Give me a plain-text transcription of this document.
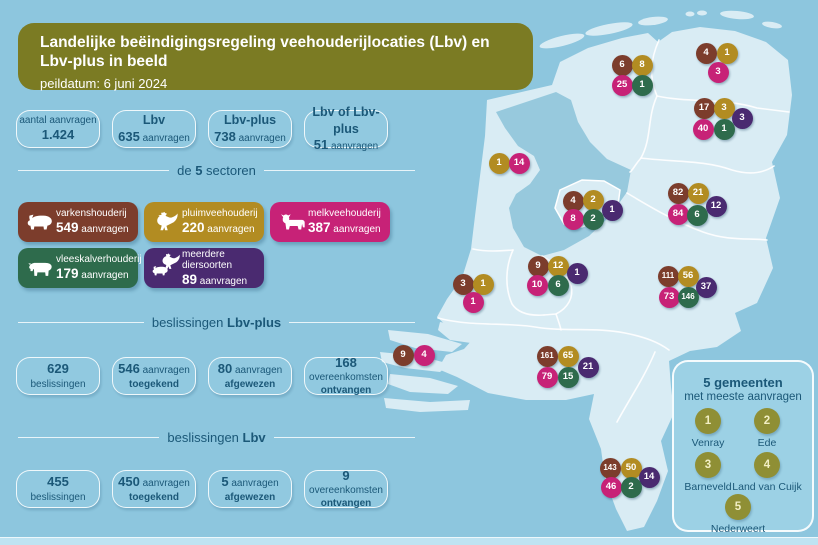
6	8
25	1
4	1
3
17	3
3
40	1
1	14
4	2
1
8	2
82 21
12
84	6
9	12
1
10	6
3	1
1
111 56
37
73 146
9	4	161 65
21
79	15
143 50
14
46	2
Landelijke beëindigingsregeling veehouderijlocaties (Lbv) en Lbv-plus in beeld
peildatum: 6 juni 2024
aantal aanvragen
1.424
Lbv
635 aanvragen
Lbv-plus
738 aanvragen
Lbv of Lbv-plus
51 aanvragen
de 5 sectoren
varkenshouderij
549 aanvragen
pluimveehouderij
220 aanvragen
melkveehouderij
387 aanvragen
vleeskalverhouderij
179 aanvragen
meerdere diersoorten
89 aanvragen
beslissingen Lbv-plus
629
beslissingen
546 aanvragen
toegekend
80 aanvragen
afgewezen
168 overeenkomsten
ontvangen
beslissingen Lbv
455
beslissingen
450 aanvragen
toegekend
5 aanvragen
afgewezen
9 overeenkomsten
ontvangen
5 gemeenten
met meeste aanvragen
1
Venray
2
Ede
3
Barneveld
4
Land van Cuijk
5
Nederweert
